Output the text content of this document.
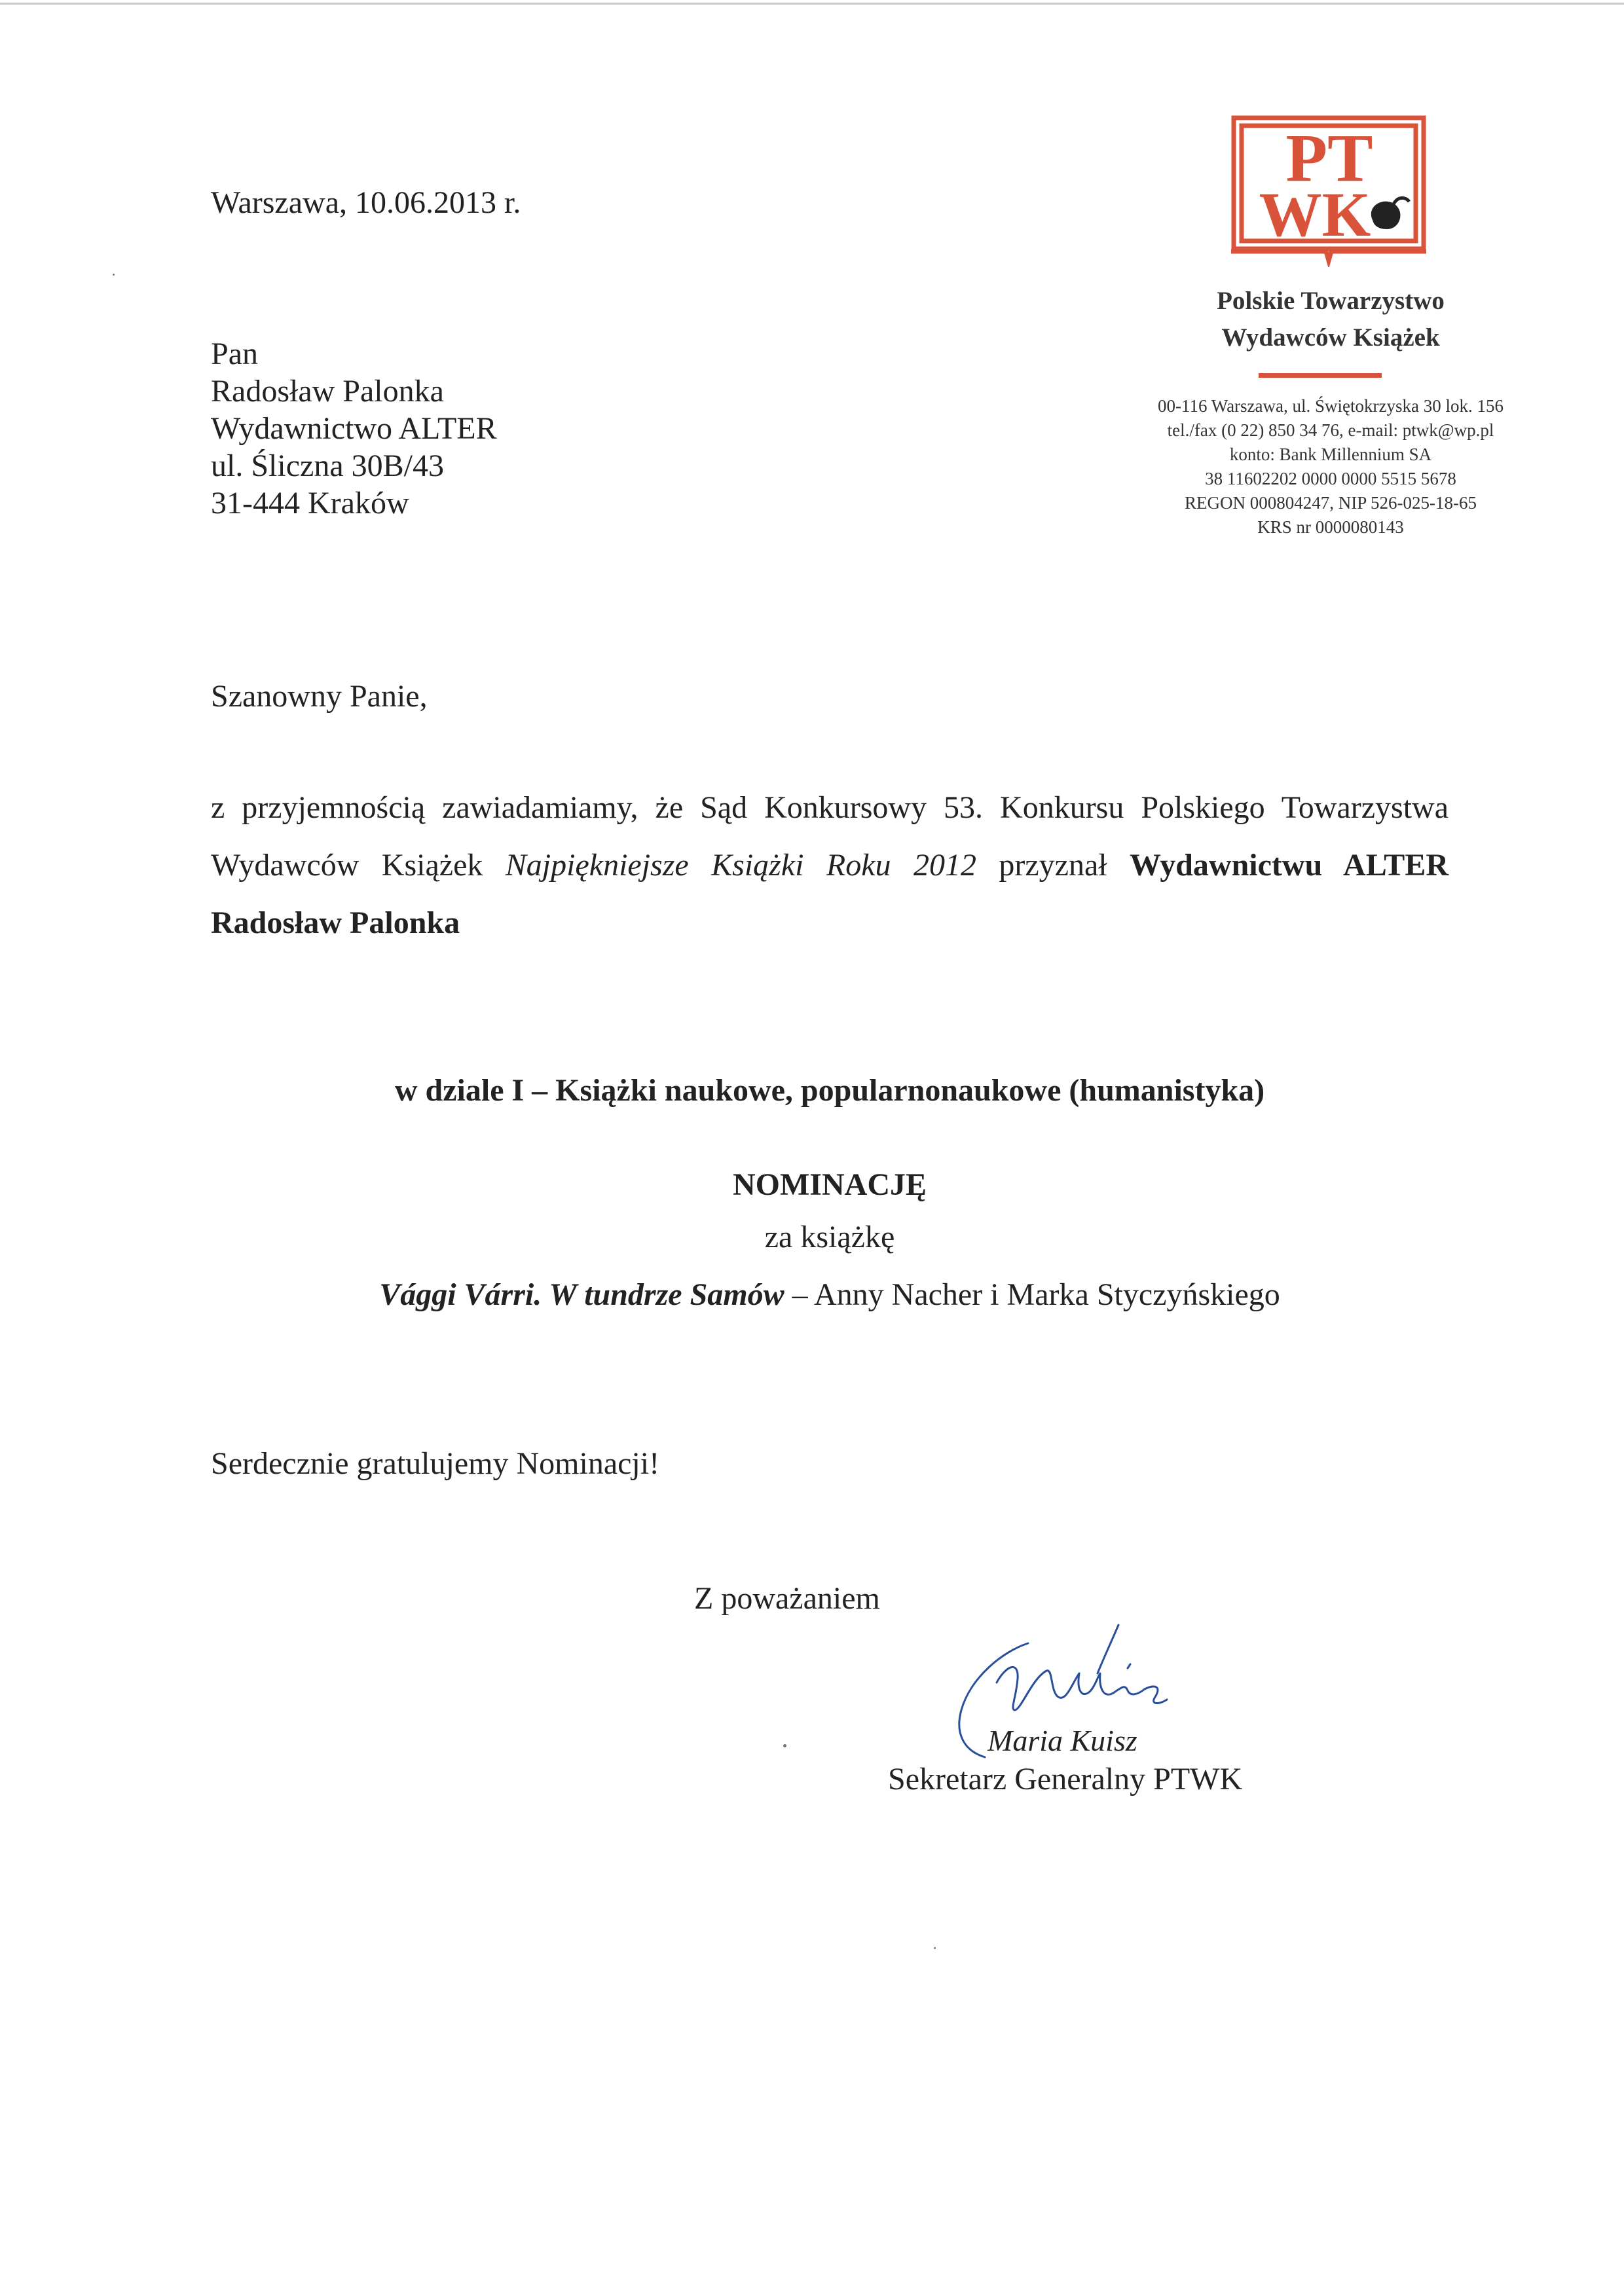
PT
WK
Polskie Towarzystwo
Wydawców Książek
00-116 Warszawa, ul. Świętokrzyska 30 lok. 156
tel./fax (0 22) 850 34 76, e-mail: ptwk@wp.pl
konto: Bank Millennium SA
38 11602202 0000 0000 5515 5678
REGON 000804247, NIP 526-025-18-65
KRS nr 0000080143
Warszawa, 10.06.2013 r.
Pan
Radosław Palonka
Wydawnictwo ALTER
ul. Śliczna 30B/43
31-444 Kraków
Szanowny Panie,
z przyjemnością zawiadamiamy, że Sąd Konkursowy 53. Konkursu Polskiego Towarzystwa Wydawców Książek Najpiękniejsze Książki Roku 2012 przyznał Wydawnictwu ALTER Radosław Palonka
w dziale I – Książki naukowe, popularnonaukowe (humanistyka)
NOMINACJĘ
za książkę
Vággi Várri. W tundrze Samów – Anny Nacher i Marka Styczyńskiego
Serdecznie gratulujemy Nominacji!
Z poważaniem
Maria Kuisz
Sekretarz Generalny PTWK
